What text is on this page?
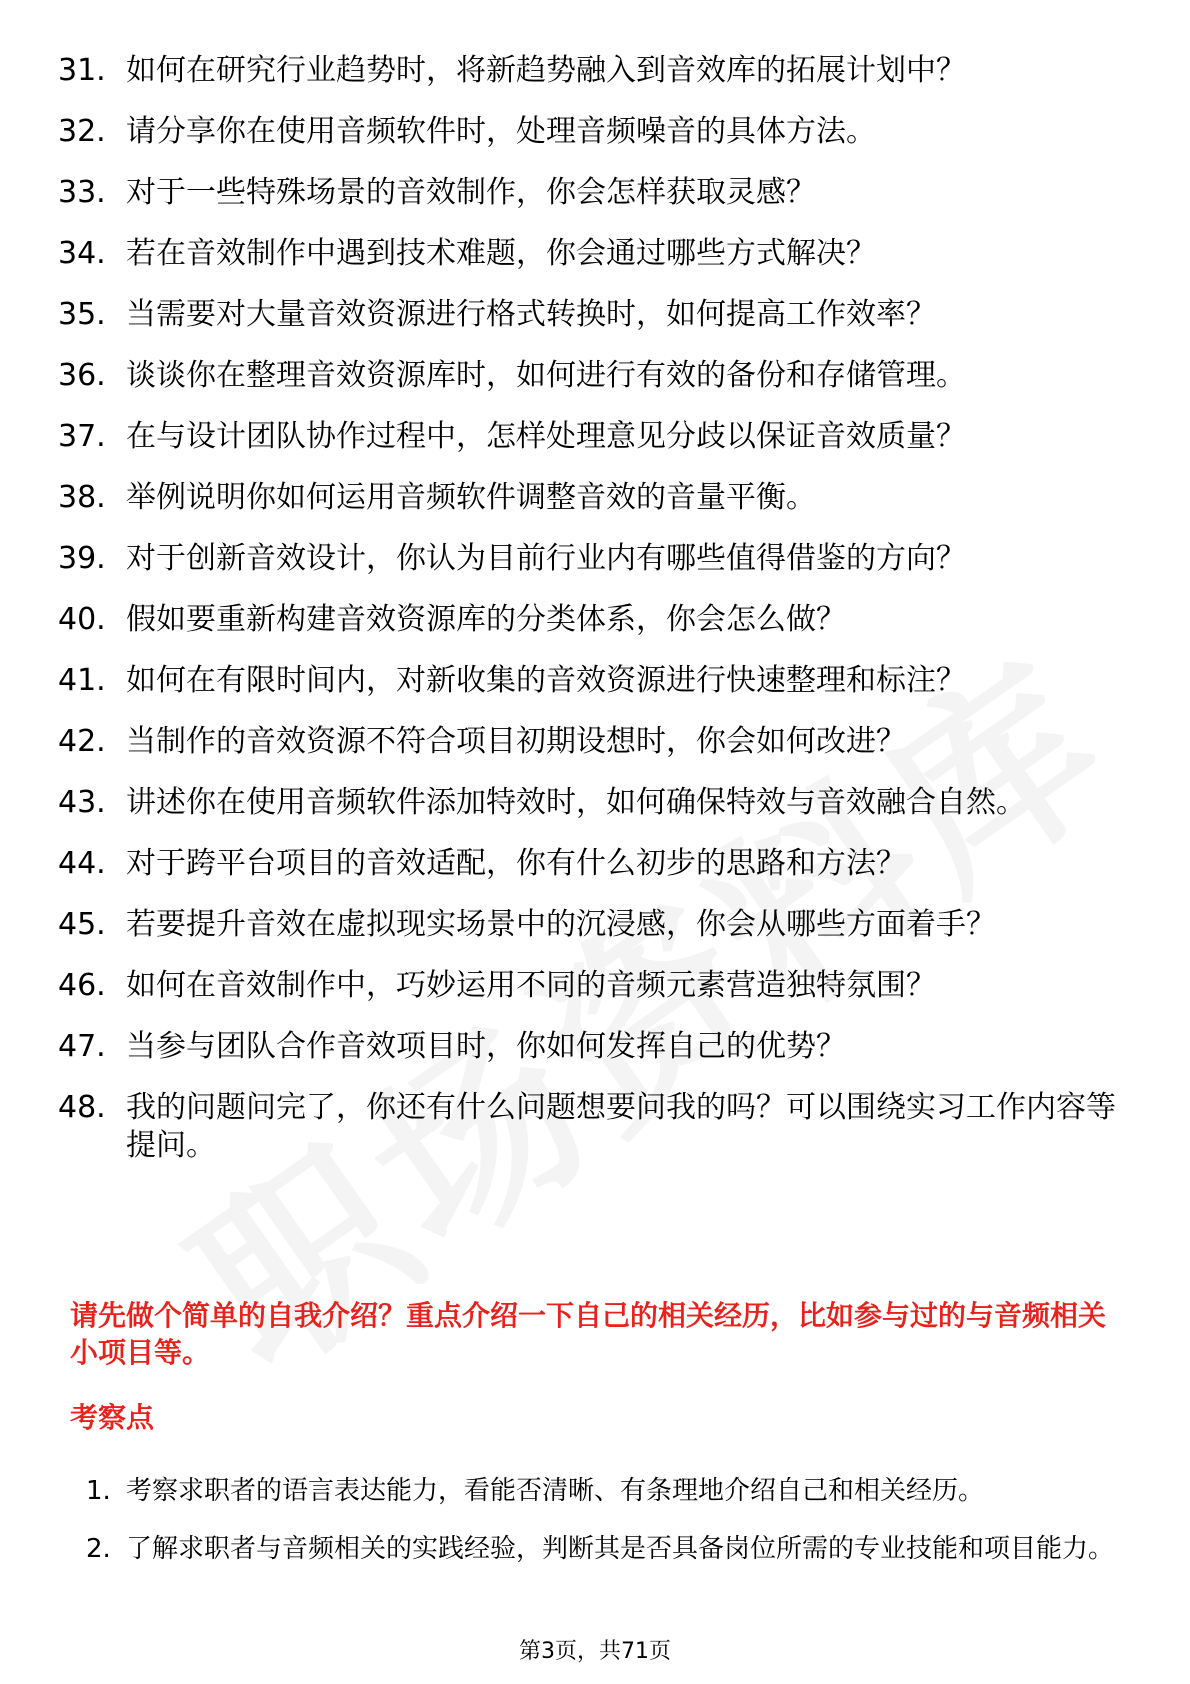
31. 如何在研究行业趋势时，将新趋势融入到音效库的拓展计划中？
32. 请分享你在使用音频软件时，处理音频噪音的具体方法。
33. 对于一些特殊场景的音效制作，你会怎样获取灵感？
34. 若在音效制作中遇到技术难题，你会通过哪些方式解决？
35. 当需要对大量音效资源进行格式转换时，如何提高工作效率？
36. 谈谈你在整理音效资源库时，如何进行有效的备份和存储管理。
37. 在与设计团队协作过程中，怎样处理意见分歧以保证音效质量？
38. 举例说明你如何运用音频软件调整音效的音量平衡。
39. 对于创新音效设计，你认为目前行业内有哪些值得借鉴的方向？
40. 假如要重新构建音效资源库的分类体系，你会怎么做？
41. 如何在有限时间内，对新收集的音效资源进行快速整理和标注？
42. 当制作的音效资源不符合项目初期设想时，你会如何改进？
43. 讲述你在使用音频软件添加特效时，如何确保特效与音效融合自然。
44. 对于跨平台项目的音效适配，你有什么初步的思路和方法？
45. 若要提升音效在虚拟现实场景中的沉浸感，你会从哪些方面着手？
46. 如何在音效制作中，巧妙运用不同的音频元素营造独特氛围？
47. 当参与团队合作音效项目时，你如何发挥自己的优势？
48. 我的问题问完了，你还有什么问题想要问我的吗？可以围绕实习工作内容等提问。

请先做个简单的自我介绍？重点介绍一下自己的相关经历，比如参与过的与音频相关小项目等。

考察点

1. 考察求职者的语言表达能力，看能否清晰、有条理地介绍自己和相关经历。
2. 了解求职者与音频相关的实践经验，判断其是否具备岗位所需的专业技能和项目能力。
第3页，共71页
